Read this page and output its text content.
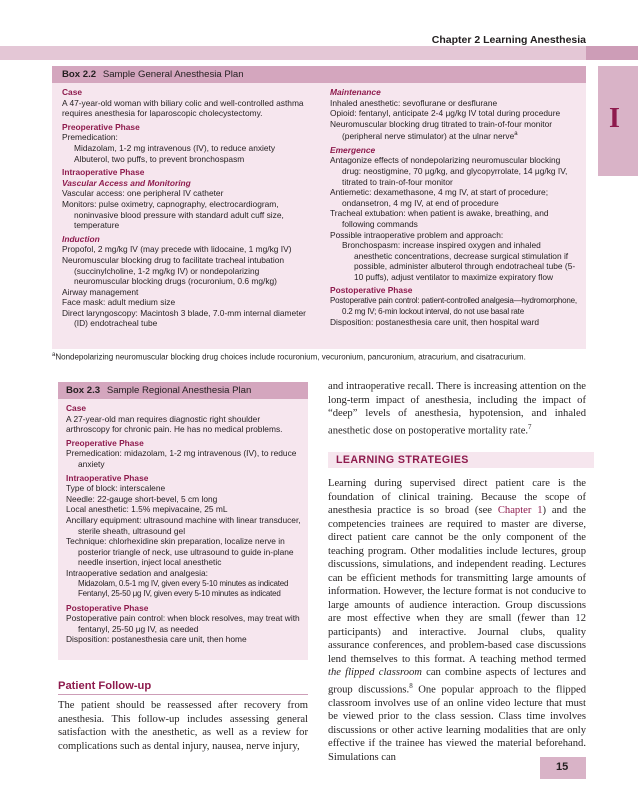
Chapter 2 Learning Anesthesia
I
Box 2.2 Sample General Anesthesia Plan
Case
A 47-year-old woman with biliary colic and well-controlled asthma requires anesthesia for laparoscopic cholecystectomy.
Preoperative Phase
Premedication:
Midazolam, 1-2 mg intravenous (IV), to reduce anxiety
Albuterol, two puffs, to prevent bronchospasm
Intraoperative Phase
Vascular Access and Monitoring
Vascular access: one peripheral IV catheter
Monitors: pulse oximetry, capnography, electrocardiogram, noninvasive blood pressure with standard adult cuff size, temperature
Induction
Propofol, 2 mg/kg IV (may precede with lidocaine, 1 mg/kg IV)
Neuromuscular blocking drug to facilitate tracheal intubation (succinylcholine, 1-2 mg/kg IV) or nondepolarizing neuromuscular blocking drugs (rocuronium, 0.6 mg/kg)
Airway management
Face mask: adult medium size
Direct laryngoscopy: Macintosh 3 blade, 7.0-mm internal diameter (ID) endotracheal tube
Maintenance
Inhaled anesthetic: sevoflurane or desflurane
Opioid: fentanyl, anticipate 2-4 μg/kg IV total during procedure
Neuromuscular blocking drug titrated to train-of-four monitor (peripheral nerve stimulator) at the ulnar nerve$^a$
Emergence
Antagonize effects of nondepolarizing neuromuscular blocking drug: neostigmine, 70 μg/kg, and glycopyrrolate, 14 μg/kg IV, titrated to train-of-four monitor
Antiemetic: dexamethasone, 4 mg IV, at start of procedure; ondansetron, 4 mg IV, at end of procedure
Tracheal extubation: when patient is awake, breathing, and following commands
Possible intraoperative problem and approach:
Bronchospasm: increase inspired oxygen and inhaled anesthetic concentrations, decrease surgical stimulation if possible, administer albuterol through endotracheal tube (5-10 puffs), adjust ventilator to maximize expiratory flow
Postoperative Phase
Postoperative pain control: patient-controlled analgesia—hydromorphone, 0.2 mg IV; 6-min lockout interval, do not use basal rate
Disposition: postanesthesia care unit, then hospital ward
$^a$Nondepolarizing neuromuscular blocking drug choices include rocuronium, vecuronium, pancuronium, atracurium, and cisatracurium.
Box 2.3 Sample Regional Anesthesia Plan
Case
A 27-year-old man requires diagnostic right shoulder arthroscopy for chronic pain. He has no medical problems.
Preoperative Phase
Premedication: midazolam, 1-2 mg intravenous (IV), to reduce anxiety
Intraoperative Phase
Type of block: interscalene
Needle: 22-gauge short-bevel, 5 cm long
Local anesthetic: 1.5% mepivacaine, 25 mL
Ancillary equipment: ultrasound machine with linear transducer, sterile sheath, ultrasound gel
Technique: chlorhexidine skin preparation, localize nerve in posterior triangle of neck, use ultrasound to guide in-plane needle insertion, inject local anesthetic
Intraoperative sedation and analgesia:
Midazolam, 0.5-1 mg IV, given every 5-10 minutes as indicated
Fentanyl, 25-50 μg IV, given every 5-10 minutes as indicated
Postoperative Phase
Postoperative pain control: when block resolves, may treat with fentanyl, 25-50 μg IV, as needed
Disposition: postanesthesia care unit, then home
Patient Follow-up
The patient should be reassessed after recovery from anesthesia. This follow-up includes assessing general satisfaction with the anesthetic, as well as a review for complications such as dental injury, nausea, nerve injury,
and intraoperative recall. There is increasing attention on the long-term impact of anesthesia, including the impact of “deep” levels of anesthesia, hypotension, and inhaled anesthetic dose on postoperative mortality rate.$^7$
LEARNING STRATEGIES
Learning during supervised direct patient care is the foundation of clinical training. Because the scope of anesthesia practice is so broad (see Chapter 1) and the competencies trainees are required to master are diverse, direct patient care cannot be the only component of the teaching program. Other modalities include lectures, group discussions, simulations, and independent reading. Lectures can be efficient methods for transmitting large amounts of information. However, the lecture format is not conducive to large amounts of audience interaction. Group discussions are most effective when they are small (fewer than 12 participants) and interactive. Journal clubs, quality assurance conferences, and problem-based case discussions lend themselves to this format. A teaching method termed the flipped classroom can combine aspects of lectures and group discussions.$^8$ One popular approach to the flipped classroom involves use of an online video lecture that must be viewed prior to the class session. Class time involves discussions or other active learning modalities that are only effective if the trainee has viewed the material beforehand. Simulations can
15
